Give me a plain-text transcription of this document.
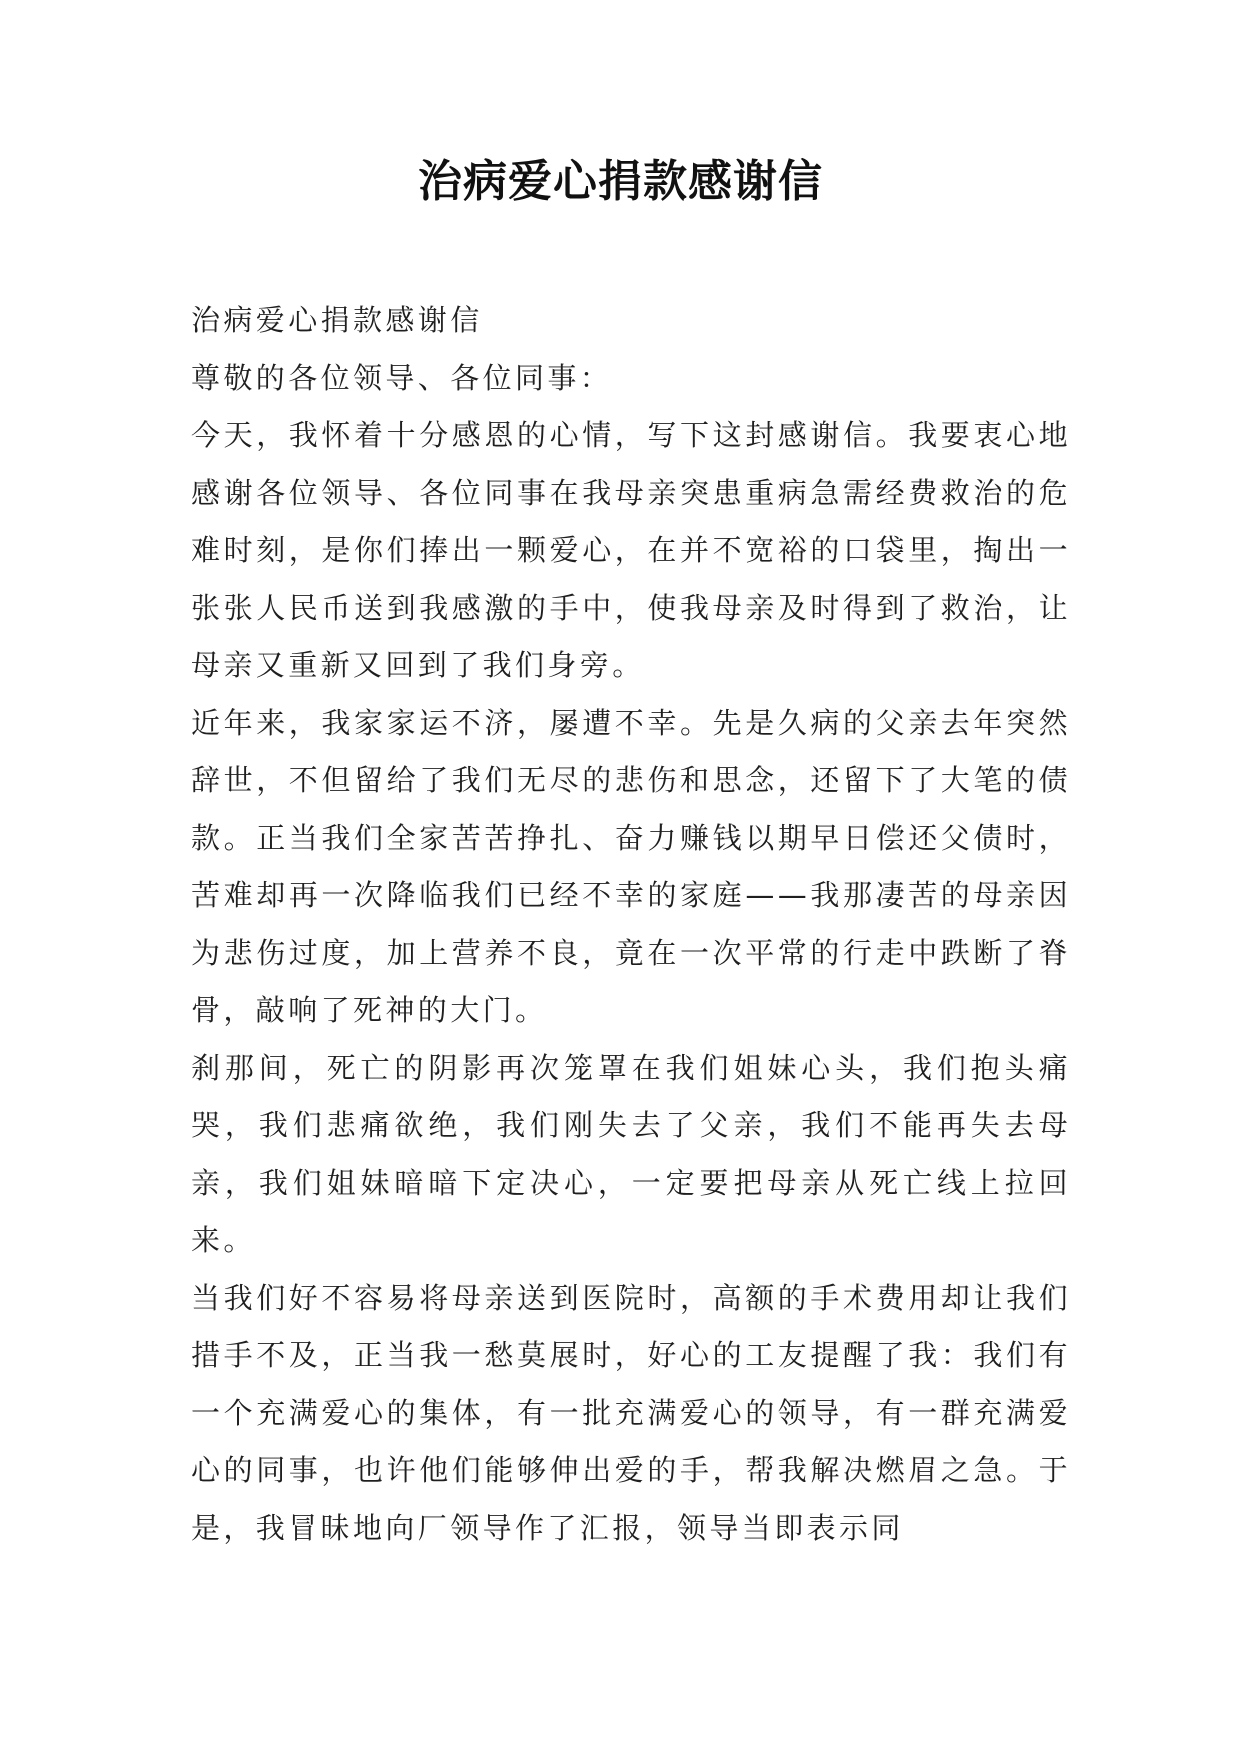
治病爱心捐款感谢信

治病爱心捐款感谢信

尊敬的各位领导、各位同事：

今天，我怀着十分感恩的心情，写下这封感谢信。我要衷心地感谢各位领导、各位同事在我母亲突患重病急需经费救治的危难时刻，是你们捧出一颗爱心，在并不宽裕的口袋里，掏出一张张人民币送到我感激的手中，使我母亲及时得到了救治，让母亲又重新又回到了我们身旁。

近年来，我家家运不济，屡遭不幸。先是久病的父亲去年突然辞世，不但留给了我们无尽的悲伤和思念，还留下了大笔的债款。正当我们全家苦苦挣扎、奋力赚钱以期早日偿还父债时，苦难却再一次降临我们已经不幸的家庭——我那凄苦的母亲因为悲伤过度，加上营养不良，竟在一次平常的行走中跌断了脊骨，敲响了死神的大门。

刹那间，死亡的阴影再次笼罩在我们姐妹心头，我们抱头痛哭，我们悲痛欲绝，我们刚失去了父亲，我们不能再失去母亲，我们姐妹暗暗下定决心，一定要把母亲从死亡线上拉回来。

当我们好不容易将母亲送到医院时，高额的手术费用却让我们措手不及，正当我一愁莫展时，好心的工友提醒了我：我们有一个充满爱心的集体，有一批充满爱心的领导，有一群充满爱心的同事，也许他们能够伸出爱的手，帮我解决燃眉之急。于是，我冒昧地向厂领导作了汇报，领导当即表示同
